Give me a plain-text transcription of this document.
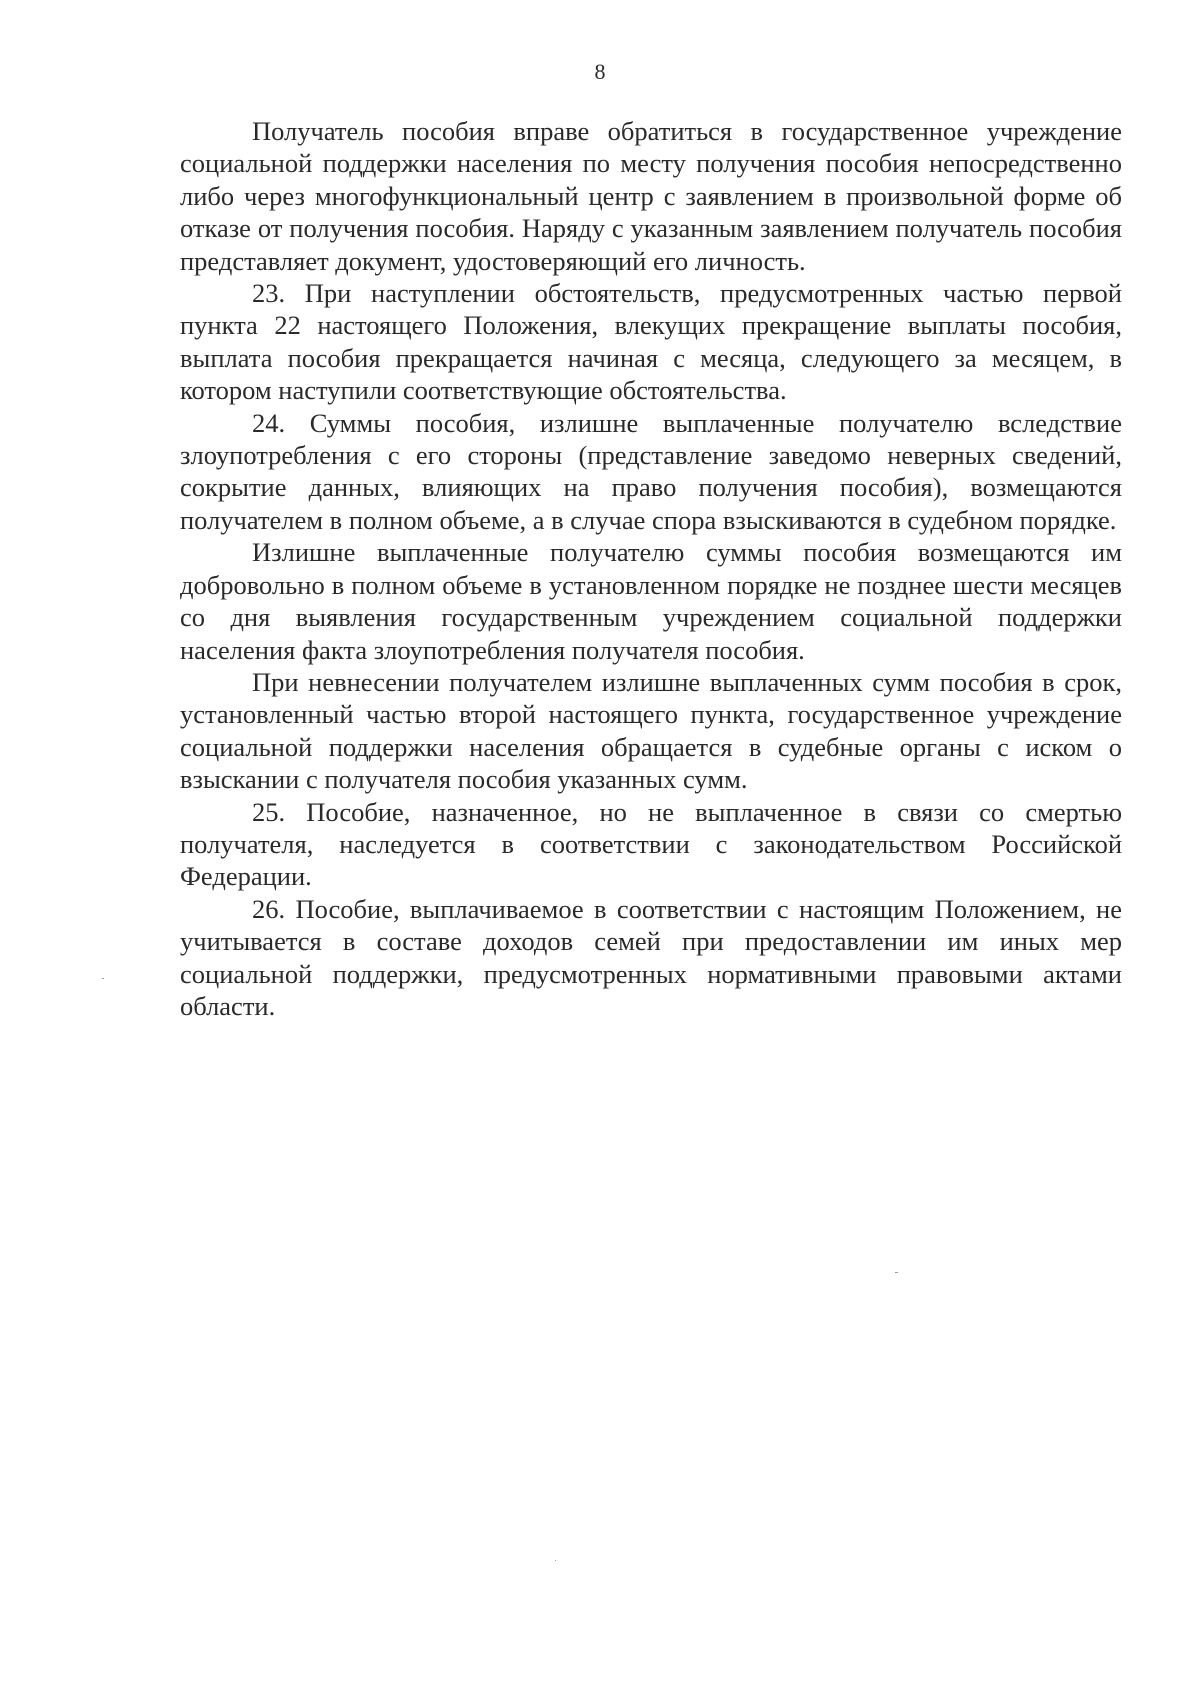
8

Получатель пособия вправе обратиться в государственное учреждение социальной поддержки населения по месту получения пособия непосредственно либо через многофункциональный центр с заявлением в произвольной форме об отказе от получения пособия. Наряду с указанным заявлением получатель пособия представляет документ, удостоверяющий его личность.

23. При наступлении обстоятельств, предусмотренных частью первой пункта 22 настоящего Положения, влекущих прекращение выплаты пособия, выплата пособия прекращается начиная с месяца, следующего за месяцем, в котором наступили соответствующие обстоятельства.

24. Суммы пособия, излишне выплаченные получателю вследствие злоупотребления с его стороны (представление заведомо неверных сведений, сокрытие данных, влияющих на право получения пособия), возмещаются получателем в полном объеме, а в случае спора взыскиваются в судебном порядке.

Излишне выплаченные получателю суммы пособия возмещаются им добровольно в полном объеме в установленном порядке не позднее шести месяцев со дня выявления государственным учреждением социальной поддержки населения факта злоупотребления получателя пособия.

При невнесении получателем излишне выплаченных сумм пособия в срок, установленный частью второй настоящего пункта, государственное учреждение социальной поддержки населения обращается в судебные органы с иском о взыскании с получателя пособия указанных сумм.

25. Пособие, назначенное, но не выплаченное в связи со смертью получателя, наследуется в соответствии с законодательством Российской Федерации.

26. Пособие, выплачиваемое в соответствии с настоящим Положением, не учитывается в составе доходов семей при предоставлении им иных мер социальной поддержки, предусмотренных нормативными правовыми актами области.
